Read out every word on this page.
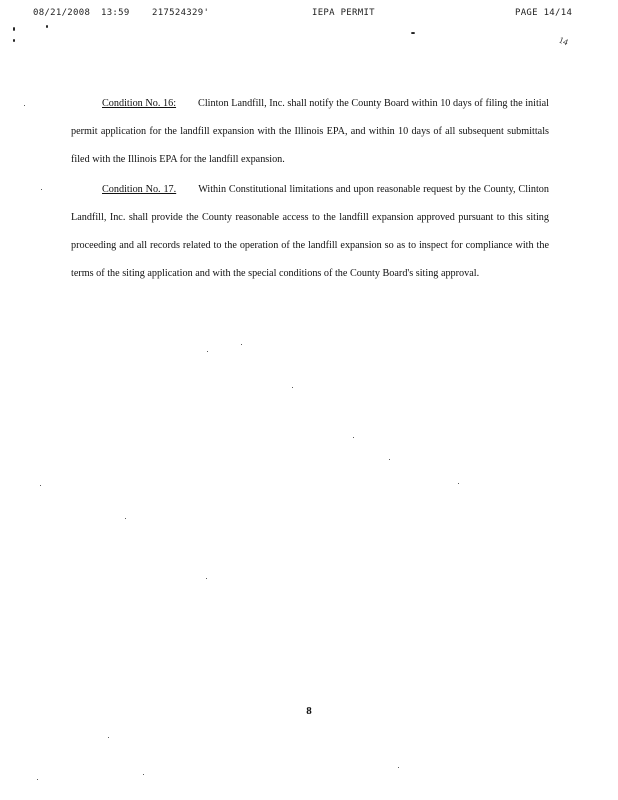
08/21/2008 13:59 217524329'	IEPA PERMIT	PAGE 14/14
14

Condition No. 16: Clinton Landfill, Inc. shall notify the County Board within 10 days of filing the initial permit application for the landfill expansion with the Illinois EPA, and within 10 days of all subsequent submittals filed with the Illinois EPA for the landfill expansion.

Condition No. 17. Within Constitutional limitations and upon reasonable request by the County, Clinton Landfill, Inc. shall provide the County reasonable access to the landfill expansion approved pursuant to this siting proceeding and all records related to the operation of the landfill expansion so as to inspect for compliance with the terms of the siting application and with the special conditions of the County Board's siting approval.

8
